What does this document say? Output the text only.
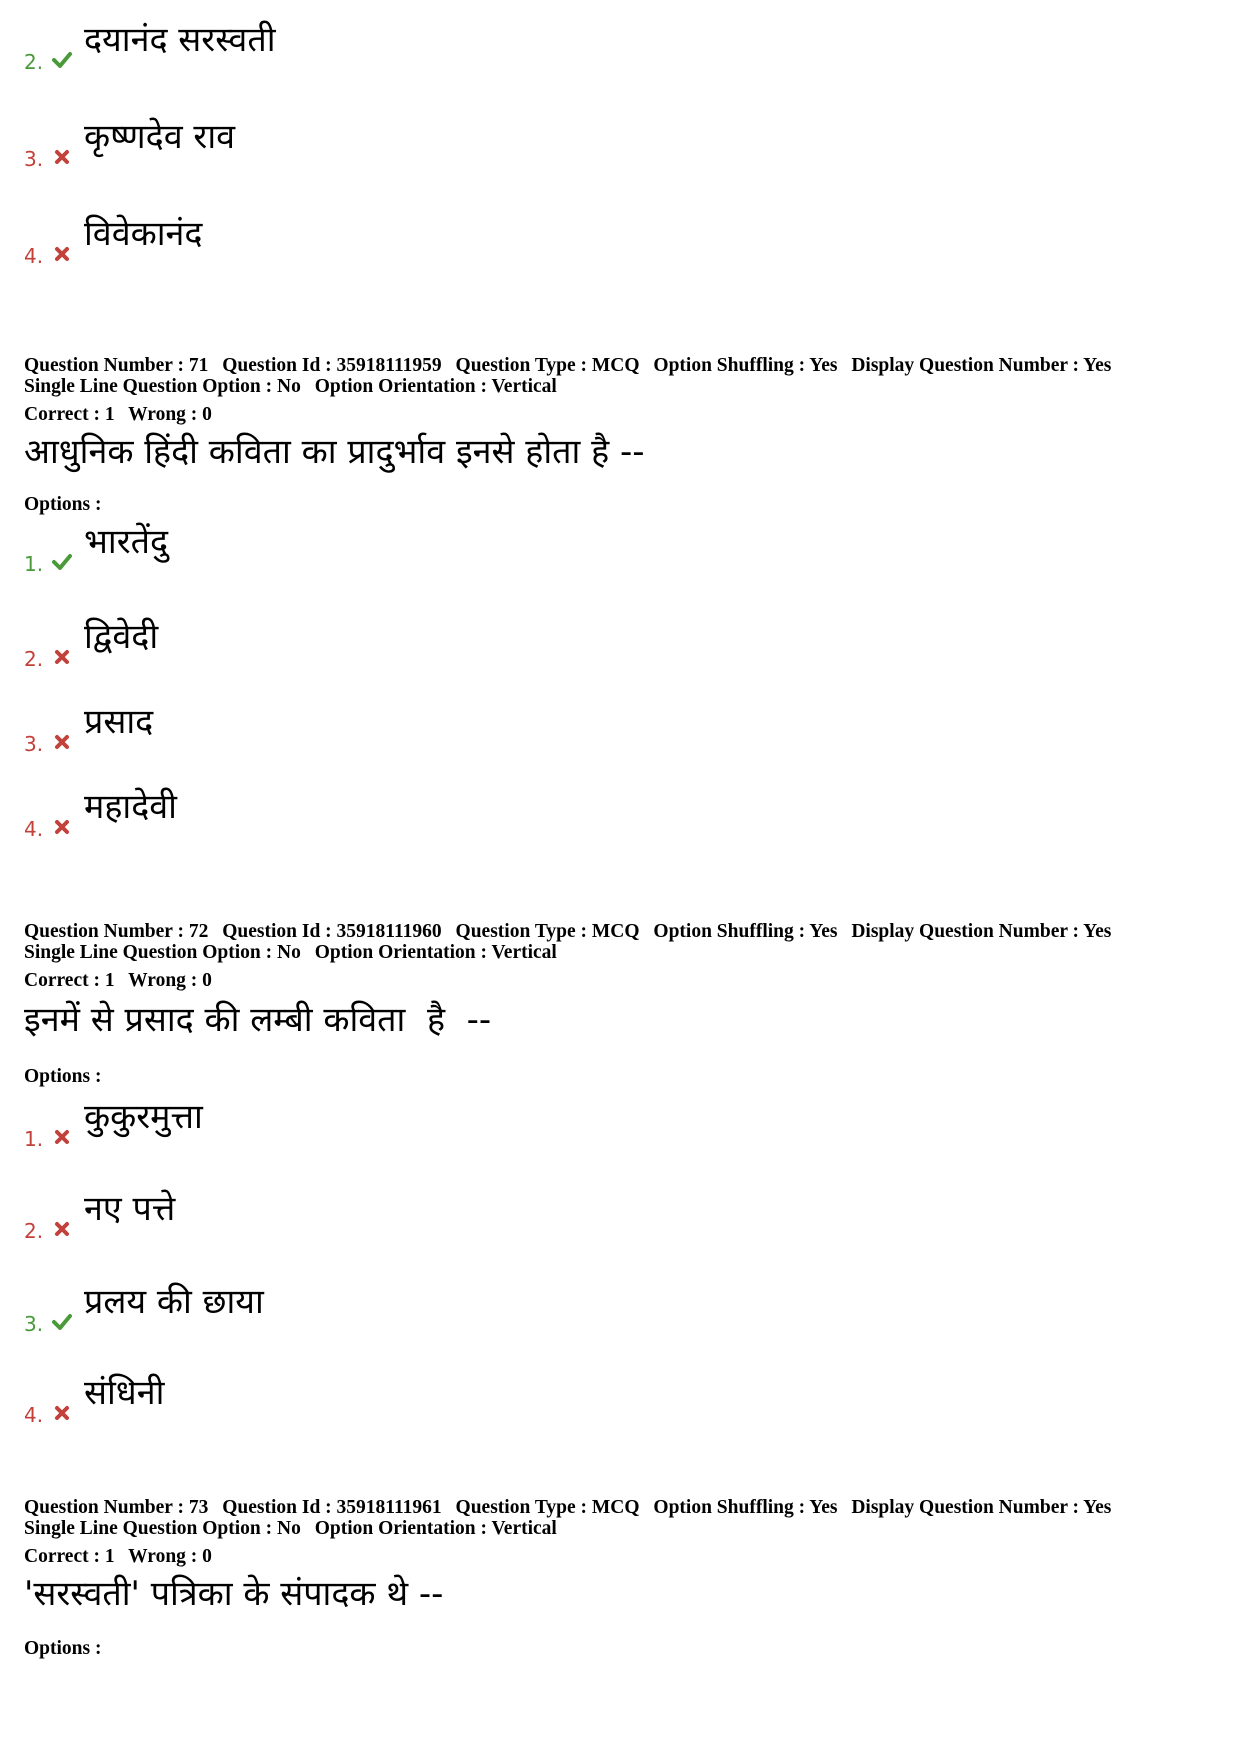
2.
दयानंद सरस्वती
3.
कृष्णदेव राव
4.
विवेकानंद
Question Number : 71 Question Id : 35918111959 Question Type : MCQ Option Shuffling : Yes Display Question Number : Yes
Single Line Question Option : No Option Orientation : Vertical
Correct : 1 Wrong : 0
आधुनिक हिंदी कविता का प्रादुर्भाव इनसे होता है --
Options :
1.
भारतेंदु
2.
द्विवेदी
3.
प्रसाद
4.
महादेवी
Question Number : 72 Question Id : 35918111960 Question Type : MCQ Option Shuffling : Yes Display Question Number : Yes
Single Line Question Option : No Option Orientation : Vertical
Correct : 1 Wrong : 0
इनमें से प्रसाद की लम्बी कविता  है  --
Options :
1.
कुकुरमुत्ता
2.
नए पत्ते
3.
प्रलय की छाया
4.
संधिनी
Question Number : 73 Question Id : 35918111961 Question Type : MCQ Option Shuffling : Yes Display Question Number : Yes
Single Line Question Option : No Option Orientation : Vertical
Correct : 1 Wrong : 0
'सरस्वती' पत्रिका के संपादक थे --
Options :
